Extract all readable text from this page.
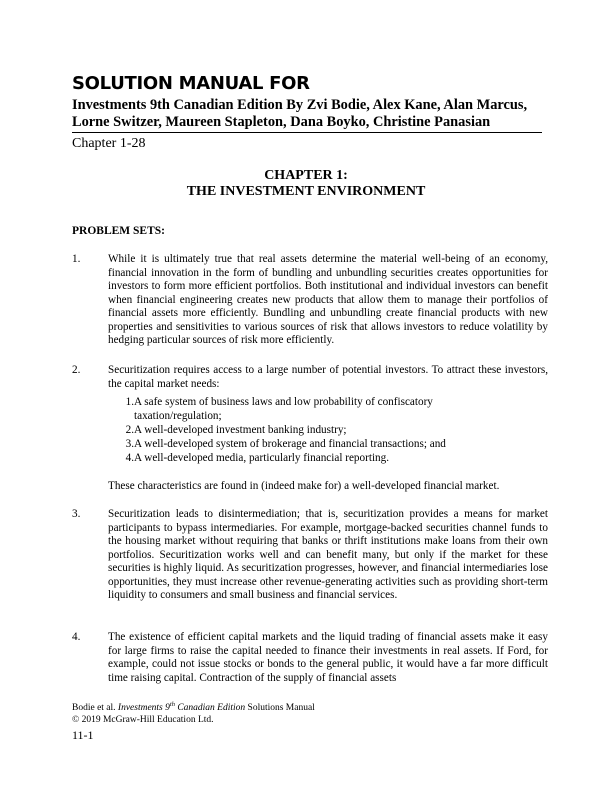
SOLUTION MANUAL FOR
Investments 9th Canadian Edition By Zvi Bodie, Alex Kane, Alan Marcus, Lorne Switzer, Maureen Stapleton, Dana Boyko, Christine Panasian
Chapter 1-28
CHAPTER 1:
THE INVESTMENT ENVIRONMENT
PROBLEM SETS:
1. While it is ultimately true that real assets determine the material well-being of an economy, financial innovation in the form of bundling and unbundling securities creates opportunities for investors to form more efficient portfolios. Both institutional and individual investors can benefit when financial engineering creates new products that allow them to manage their portfolios of financial assets more efficiently. Bundling and unbundling create financial products with new properties and sensitivities to various sources of risk that allows investors to reduce volatility by hedging particular sources of risk more efficiently.
2. Securitization requires access to a large number of potential investors. To attract these investors, the capital market needs:
1. A safe system of business laws and low probability of confiscatory taxation/regulation;
2. A well-developed investment banking industry;
3. A well-developed system of brokerage and financial transactions; and
4. A well-developed media, particularly financial reporting.
These characteristics are found in (indeed make for) a well-developed financial market.
3. Securitization leads to disintermediation; that is, securitization provides a means for market participants to bypass intermediaries. For example, mortgage-backed securities channel funds to the housing market without requiring that banks or thrift institutions make loans from their own portfolios. Securitization works well and can benefit many, but only if the market for these securities is highly liquid. As securitization progresses, however, and financial intermediaries lose opportunities, they must increase other revenue-generating activities such as providing short-term liquidity to consumers and small business and financial services.
4. The existence of efficient capital markets and the liquid trading of financial assets make it easy for large firms to raise the capital needed to finance their investments in real assets. If Ford, for example, could not issue stocks or bonds to the general public, it would have a far more difficult time raising capital. Contraction of the supply of financial assets
Bodie et al. Investments 9th Canadian Edition Solutions Manual
© 2019 McGraw-Hill Education Ltd.
11-1
